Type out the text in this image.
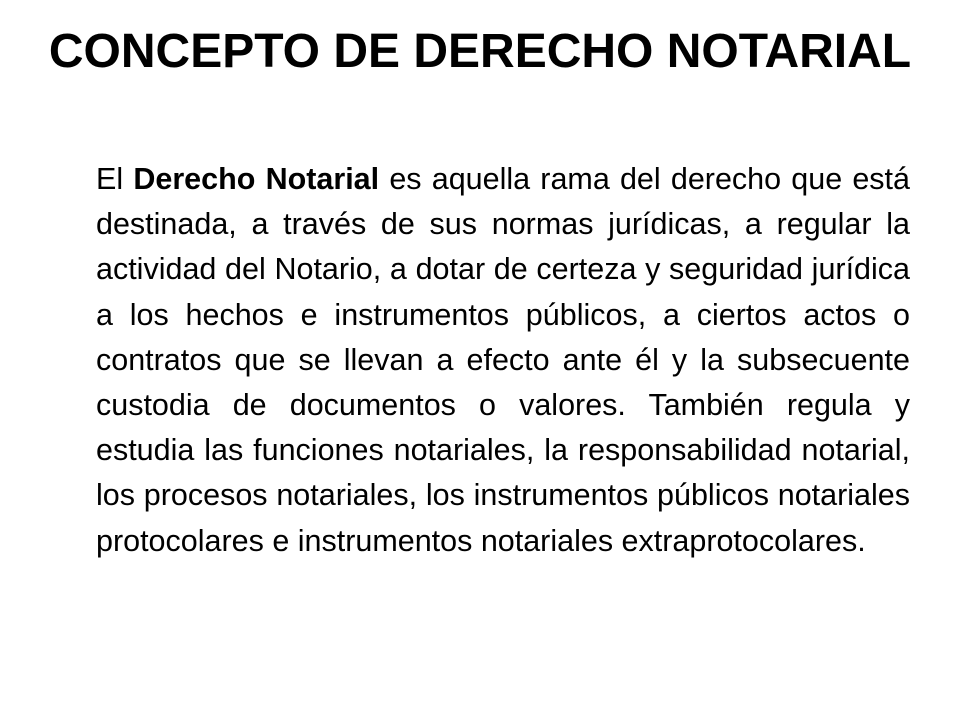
CONCEPTO DE DERECHO NOTARIAL

El Derecho Notarial es aquella rama del derecho que está destinada, a través de sus normas jurídicas, a regular la actividad del Notario, a dotar de certeza y seguridad jurídica a los hechos e instrumentos públicos, a ciertos actos o contratos que se llevan a efecto ante él y la subsecuente custodia de documentos o valores. También regula y estudia las funciones notariales, la responsabilidad notarial, los procesos notariales, los instrumentos públicos notariales protocolares e instrumentos notariales extraprotocolares.
